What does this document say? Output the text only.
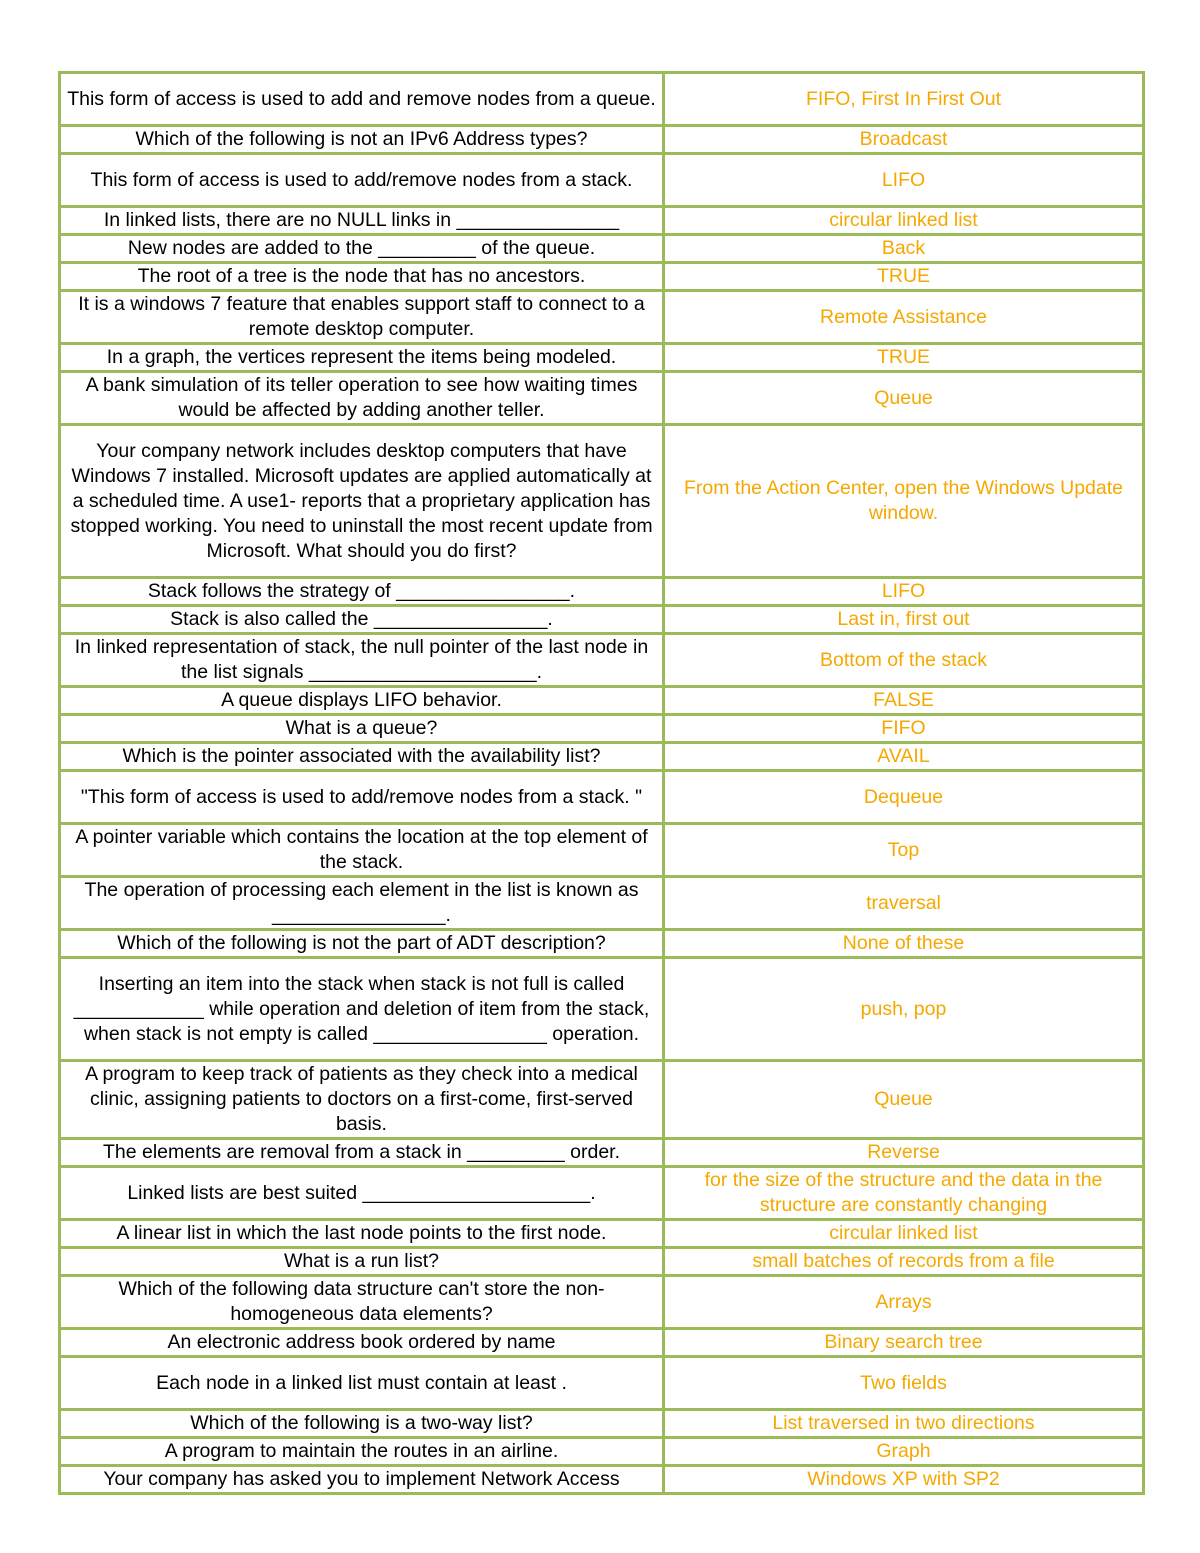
This form of access is used to add and remove nodes from a queue.	FIFO, First In First Out
Which of the following is not an IPv6 Address types?	Broadcast
This form of access is used to add/remove nodes from a stack.	LIFO
In linked lists, there are no NULL links in _______________	circular linked list
New nodes are added to the _________ of the queue.	Back
The root of a tree is the node that has no ancestors.	TRUE
It is a windows 7 feature that enables support staff to connect to a remote desktop computer.	Remote Assistance
In a graph, the vertices represent the items being modeled.	TRUE
A bank simulation of its teller operation to see how waiting times would be affected by adding another teller.	Queue
Your company network includes desktop computers that have Windows 7 installed. Microsoft updates are applied automatically at a scheduled time. A use1- reports that a proprietary application has stopped working. You need to uninstall the most recent update from Microsoft. What should you do first?	From the Action Center, open the Windows Update window.
Stack follows the strategy of ________________.	LIFO
Stack is also called the ________________.	Last in, first out
In linked representation of stack, the null pointer of the last node in the list signals _____________________.	Bottom of the stack
A queue displays LIFO behavior.	FALSE
What is a queue?	FIFO
Which is the pointer associated with the availability list?	AVAIL
"This form of access is used to add/remove nodes from a stack. "	Dequeue
A pointer variable which contains the location at the top element of the stack.	Top
The operation of processing each element in the list is known as ________________.	traversal
Which of the following is not the part of ADT description?	None of these
Inserting an item into the stack when stack is not full is called ____________ while operation and deletion of item from the stack, when stack is not empty is called ________________ operation.	push, pop
A program to keep track of patients as they check into a medical clinic, assigning patients to doctors on a first-come, first-served basis.	Queue
The elements are removal from a stack in _________ order.	Reverse
Linked lists are best suited _____________________.	for the size of the structure and the data in the structure are constantly changing
A linear list in which the last node points to the first node.	circular linked list
What is a run list?	small batches of records from a file
Which of the following data structure can't store the non-homogeneous data elements?	Arrays
An electronic address book ordered by name	Binary search tree
Each node in a linked list must contain at least .	Two fields
Which of the following is a two-way list?	List traversed in two directions
A program to maintain the routes in an airline.	Graph
Your company has asked you to implement Network Access	Windows XP with SP2
